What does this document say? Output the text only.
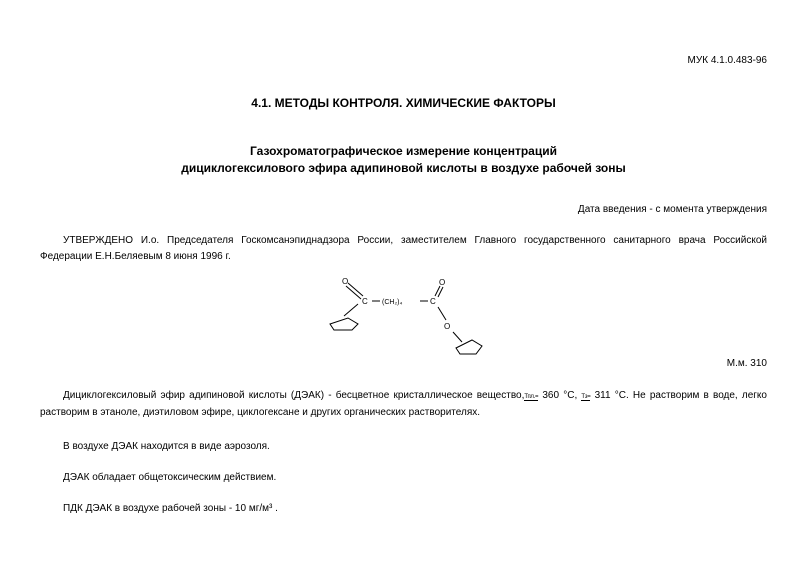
МУК 4.1.0.483-96
4.1. МЕТОДЫ КОНТРОЛЯ. ХИМИЧЕСКИЕ ФАКТОРЫ
Газохроматографическое измерение концентраций
дициклогексилового эфира адипиновой кислоты в воздухе рабочей зоны
Дата введения - с момента утверждения
УТВЕРЖДЕНО И.о. Председателя Госкомсанэпиднадзора России, заместителем Главного государственного санитарного врача Российской Федерации Е.Н.Беляевым 8 июня 1996 г.
O
C (CH₂)₄	C
O
O
М.м. 310
Дициклогексиловый эфир адипиновой кислоты (ДЭАК) - бесцветное кристаллическое вещество,Тпл.= 360 °С, Тз= 311 °С. Не растворим в воде, легко растворим в этаноле, диэтиловом эфире, циклогексане и других органических растворителях.
В воздухе ДЭАК находится в виде аэрозоля.
ДЭАК обладает общетоксическим действием.
ПДК ДЭАК в воздухе рабочей зоны - 10 мг/м³ .
